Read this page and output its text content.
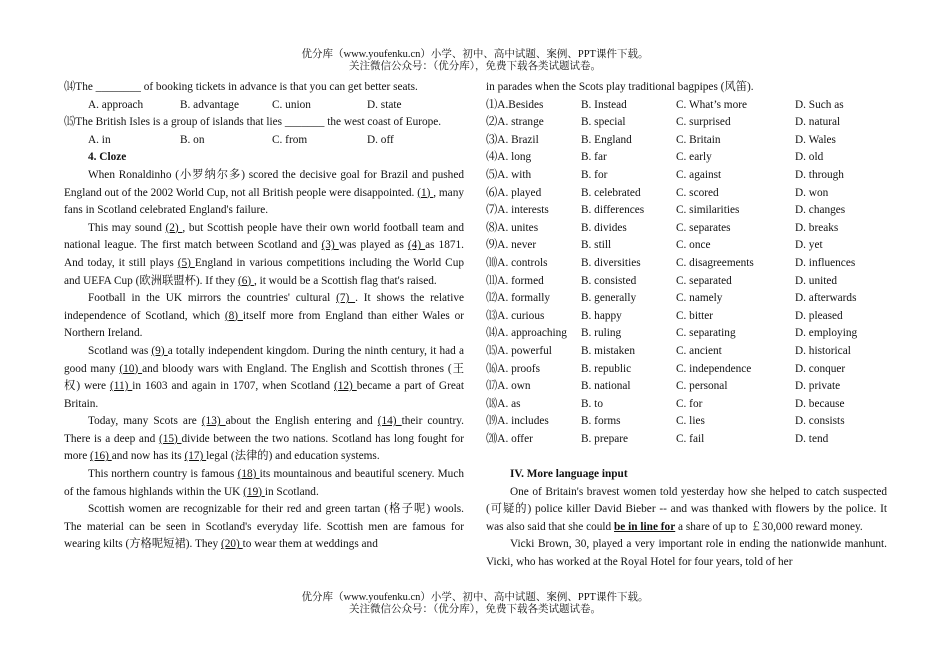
优分库（www.youfenku.cn）小学、初中、高中试题、案例、PPT课件下载。
关注微信公众号：（优分库），免费下载各类试题试卷。
⒁The ________ of booking tickets in advance is that you can get better seats.
A. approach	B. advantage	C. union	D. state
⒂The British Isles is a group of islands that lies _______ the west coast of Europe.
A. in	B. on	C. from	D. off
4. Cloze

When Ronaldinho (小罗纳尔多) scored the decisive goal for Brazil and pushed England out of the 2002 World Cup, not all British people were disappointed. (1) , many fans in Scotland celebrated England's failure.

This may sound (2) , but Scottish people have their own world football team and national league. The first match between Scotland and (3) was played as (4) as 1871. And today, it still plays (5) England in various competitions including the World Cup and UEFA Cup (欧洲联盟杯). If they (6) , it would be a Scottish flag that's raised.

Football in the UK mirrors the countries' cultural (7) . It shows the relative independence of Scotland, which (8) itself more from England than either Wales or Northern Ireland.

Scotland was (9) a totally independent kingdom. During the ninth century, it had a good many (10) and bloody wars with England. The English and Scottish thrones (王权) were (11) in 1603 and again in 1707, when Scotland (12) became a part of Great Britain.

Today, many Scots are (13) about the English entering and (14) their country. There is a deep and (15) divide between the two nations. Scotland has long fought for more (16) and now has its (17) legal (法律的) and education systems.

This northern country is famous (18) its mountainous and beautiful scenery. Much of the famous highlands within the UK (19) in Scotland.

Scottish women are recognizable for their red and green tartan (格子呢) wools. The material can be seen in Scotland's everyday life. Scottish men are famous for wearing kilts (方格呢短裙). They (20) to wear them at weddings and

in parades when the Scots play traditional bagpipes (风笛).
⑴A.Besides	B. Instead	C. What’s more	D. Such as
⑵A. strange	B. special	C. surprised	D. natural
⑶A. Brazil	B. England	C. Britain	D. Wales
⑷A. long	B. far	C. early	D. old
⑸A. with	B. for	C. against	D. through
⑹A. played	B. celebrated	C. scored	D. won
⑺A. interests	B. differences	C. similarities	D. changes
⑻A. unites	B. divides	C. separates	D. breaks
⑼A. never	B. still	C. once	D. yet
⑽A. controls	B. diversities	C. disagreements	D. influences
⑾A. formed	B. consisted	C. separated	D. united
⑿A. formally	B. generally	C. namely	D. afterwards
⒀A. curious	B. happy	C. bitter	D. pleased
⒁A. approaching	B. ruling	C. separating	D. employing
⒂A. powerful	B. mistaken	C. ancient	D. historical
⒃A. proofs	B. republic	C. independence	D. conquer
⒄A. own	B. national	C. personal	D. private
⒅A. as	B. to	C. for	D. because
⒆A. includes	B. forms	C. lies	D. consists
⒇A. offer	B. prepare	C. fail	D. tend
IV. More language input

One of Britain's bravest women told yesterday how she helped to catch suspected (可疑的) police killer David Bieber -- and was thanked with flowers by the police. It was also said that she could be in line for a share of up to ￡30,000 reward money.

Vicki Brown, 30, played a very important role in ending the nationwide manhunt. Vicki, who has worked at the Royal Hotel for four years, told of her

优分库（www.youfenku.cn）小学、初中、高中试题、案例、PPT课件下载。
关注微信公众号：（优分库），免费下载各类试题试卷。
